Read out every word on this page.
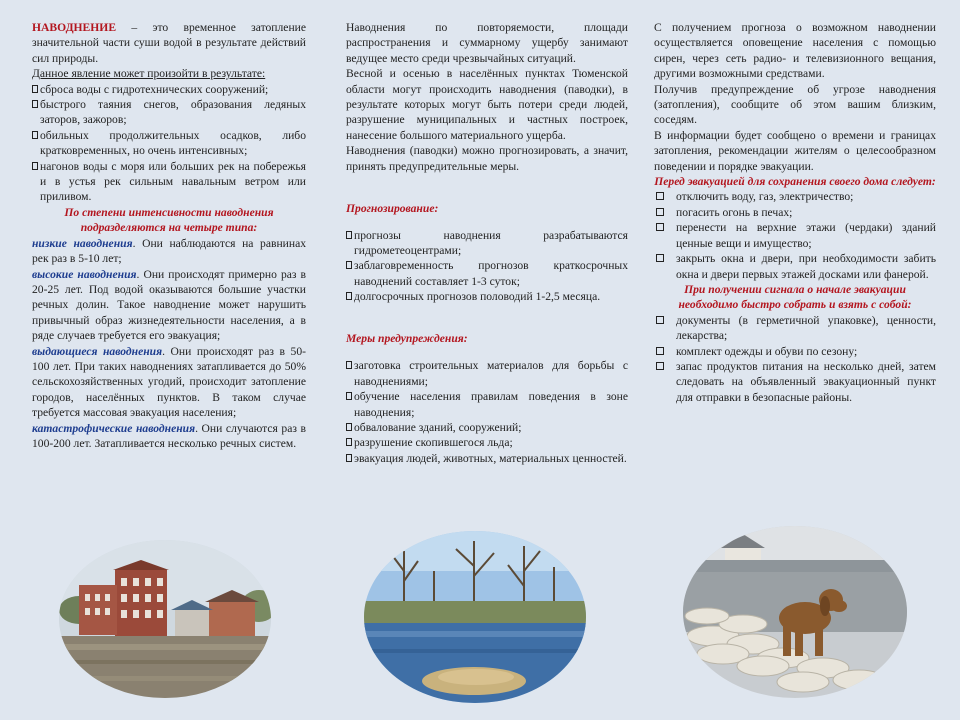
НАВОДНЕНИЕ – это временное затопление значительной части суши водой в результате действий сил природы.

Данное явление может произойти в результате:

сброса воды с гидротехнических сооружений;
быстрого таяния снегов, образования ледяных заторов, зажоров;
обильных продолжительных осадков, либо кратковременных, но очень интенсивных;
нагонов воды с моря или больших рек на побережья и в устья рек сильным навальным ветром или приливом.

По степени интенсивности наводнения подразделяются на четыре типа:

низкие наводнения. Они наблюдаются на равнинах рек раз в 5-10 лет;

высокие наводнения. Они происходят примерно раз в 20-25 лет. Под водой оказываются большие участки речных долин. Такое наводнение может нарушить привычный образ жизнедеятельности населения, а в ряде случаев требуется его эвакуация;

выдающиеся наводнения. Они происходят раз в 50-100 лет. При таких наводнениях затапливается до 50% сельскохозяйственных угодий, происходит затопление городов, населённых пунктов. В таком случае требуется массовая эвакуация населения;

катастрофические наводнения. Они случаются раз в 100-200 лет. Затапливается несколько речных систем.

Наводнения по повторяемости, площади распространения и суммарному ущербу занимают ведущее место среди чрезвычайных ситуаций.

Весной и осенью в населённых пунктах Тюменской области могут происходить наводнения (паводки), в результате которых могут быть потери среди людей, разрушение муниципальных и частных построек, нанесение большого материального ущерба.

Наводнения (паводки) можно прогнозировать, а значит, принять предупредительные меры.

Прогнозирование:

прогнозы наводнения разрабатываются гидрометеоцентрами;
заблаговременность прогнозов краткосрочных наводнений составляет 1-3 суток;
долгосрочных прогнозов половодий 1-2,5 месяца.

Меры предупреждения:

заготовка строительных материалов для борьбы с наводнениями;
обучение населения правилам поведения в зоне наводнения;
обвалование зданий, сооружений;
разрушение скопившегося льда;
эвакуация людей, животных, материальных ценностей.

С получением прогноза о возможном наводнении осуществляется оповещение населения с помощью сирен, через сеть радио- и телевизионного вещания, другими возможными средствами.

Получив предупреждение об угрозе наводнения (затопления), сообщите об этом вашим близким, соседям.

В информации будет сообщено о времени и границах затопления, рекомендации жителям о целесообразном поведении и порядке эвакуации.

Перед эвакуацией для сохранения своего дома следует:

отключить воду, газ, электричество;
погасить огонь в печах;
перенести на верхние этажи (чердаки) зданий ценные вещи и имущество;
закрыть окна и двери, при необходимости забить окна и двери первых этажей досками или фанерой.

При получении сигнала о начале эвакуации необходимо быстро собрать и взять с собой:

документы (в герметичной упаковке), ценности, лекарства;
комплект одежды и обуви по сезону;
запас продуктов питания на несколько дней, затем следовать на объявленный эвакуационный пункт для отправки в безопасные районы.
